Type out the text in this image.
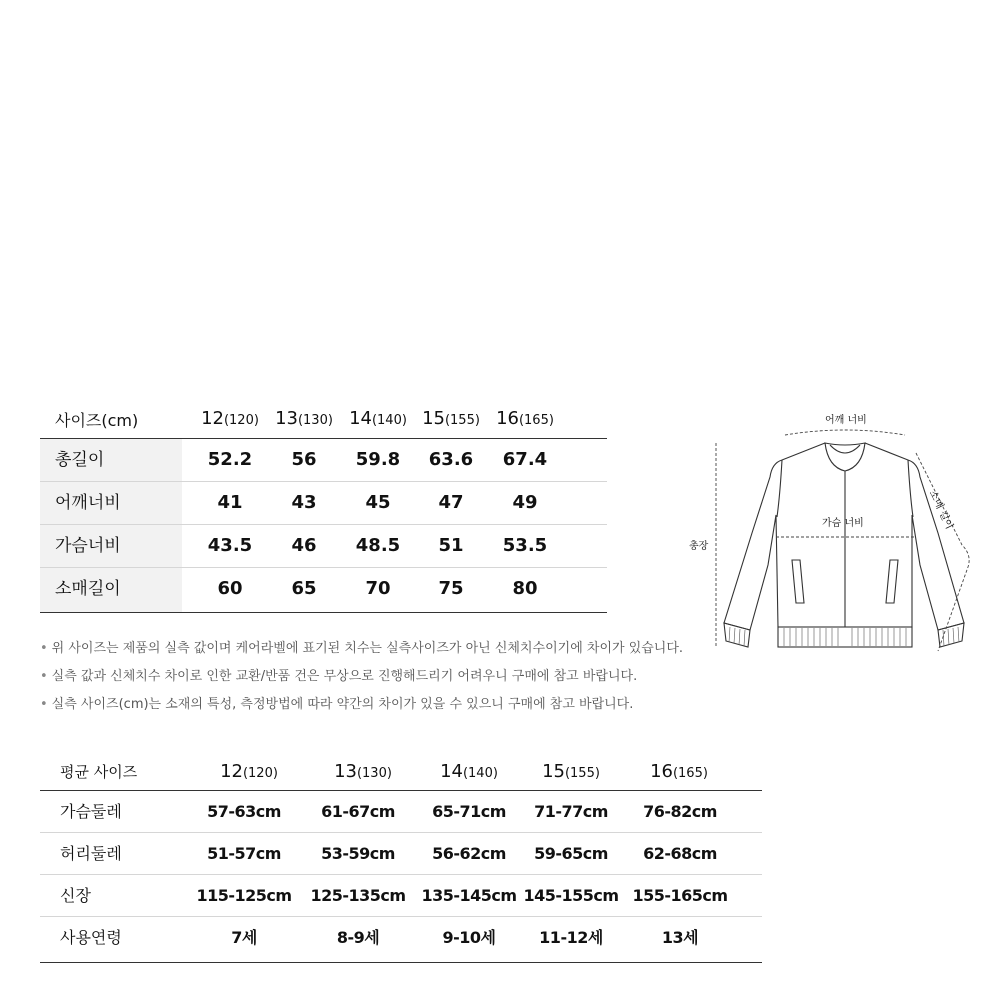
사이즈(cm)	12(120) 13(130) 14(140) 15(155) 16(165)
총길이	52.2	56	59.8	63.6	67.4
어깨너비	41	43	45	47	49
가슴너비	43.5	46	48.5	51	53.5
소매길이	60	65	70	75	80
어깨 너비
가슴 너비
총장
소매 길이
• 위 사이즈는 제품의 실측 값이며 케어라벨에 표기된 치수는 실측사이즈가 아닌 신체치수이기에 차이가 있습니다.
• 실측 값과 신체치수 차이로 인한 교환/반품 건은 무상으로 진행해드리기 어려우니 구매에 참고 바랍니다.
• 실측 사이즈(cm)는 소재의 특성, 측정방법에 따라 약간의 차이가 있을 수 있으니 구매에 참고 바랍니다.
평균 사이즈	12(120)	13(130)	14(140)	15(155)	16(165)
가슴둘레	57-63cm	61-67cm	65-71cm	71-77cm	76-82cm
허리둘레	51-57cm	53-59cm	56-62cm	59-65cm	62-68cm
신장	115-125cm	125-135cm 135-145cm 145-155cm 155-165cm
사용연령	7세	8-9세	9-10세	11-12세	13세
